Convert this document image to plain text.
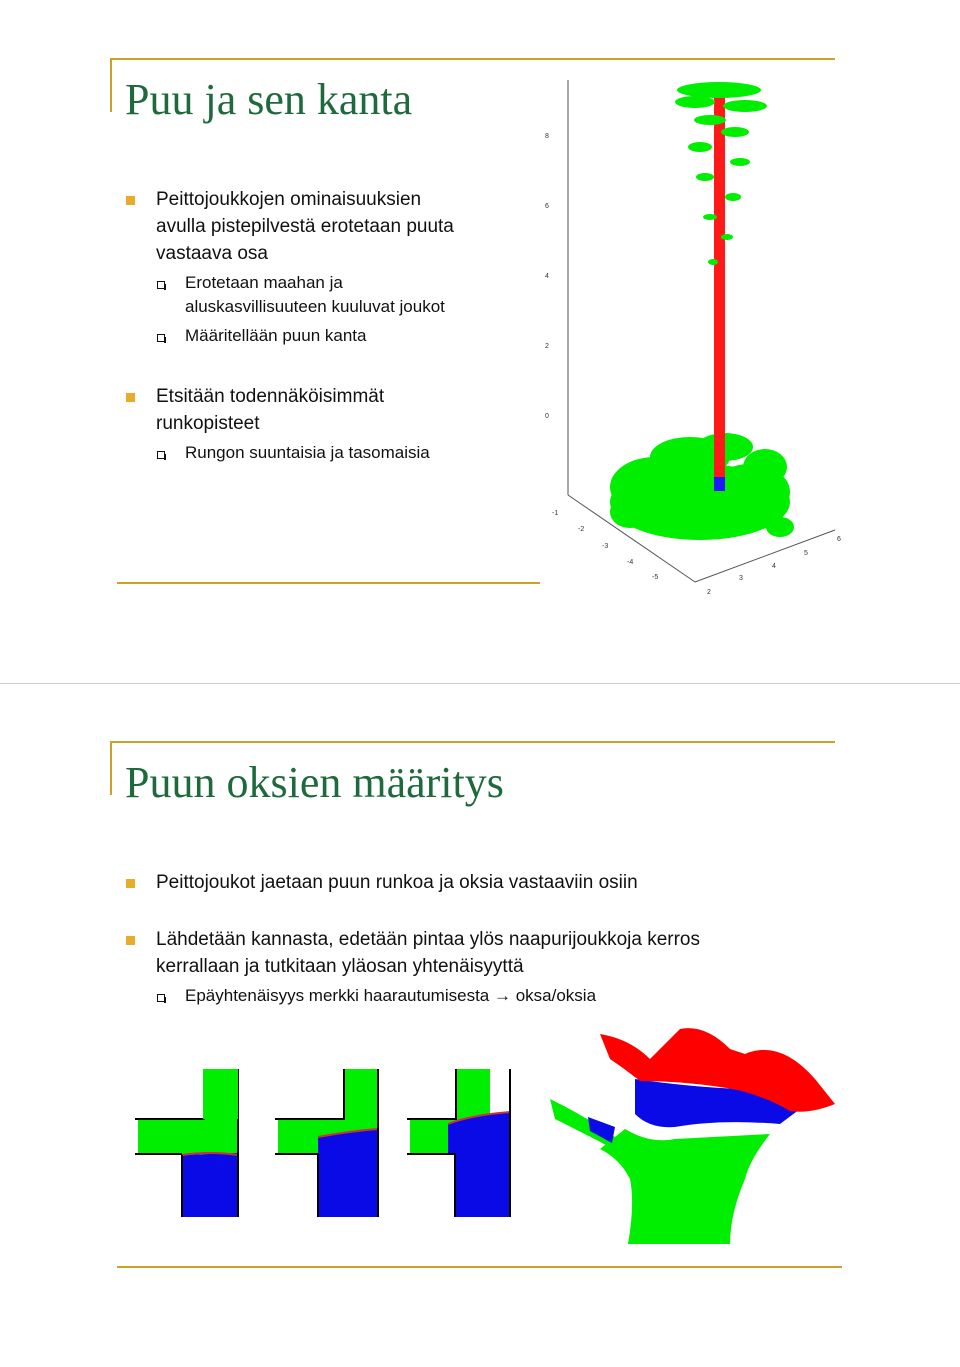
Puu ja sen kanta
Peittojoukkojen ominaisuuksien
avulla pistepilvestä erotetaan puuta
vastaava osa
Erotetaan maahan ja
aluskasvillisuuteen kuuluvat joukot
Määritellään puun kanta
Etsitään todennäköisimmät
runkopisteet
Rungon suuntaisia ja tasomaisia
8
6
4
2
0
-1
-2
-3
-4
-5
2
3
4
5
6
Puun oksien määritys
Peittojoukot jaetaan puun runkoa ja oksia vastaaviin osiin
Lähdetään kannasta, edetään pintaa ylös naapurijoukkoja kerros
kerrallaan ja tutkitaan yläosan yhtenäisyyttä
Epäyhtenäisyys merkki haarautumisesta → oksa/oksia
